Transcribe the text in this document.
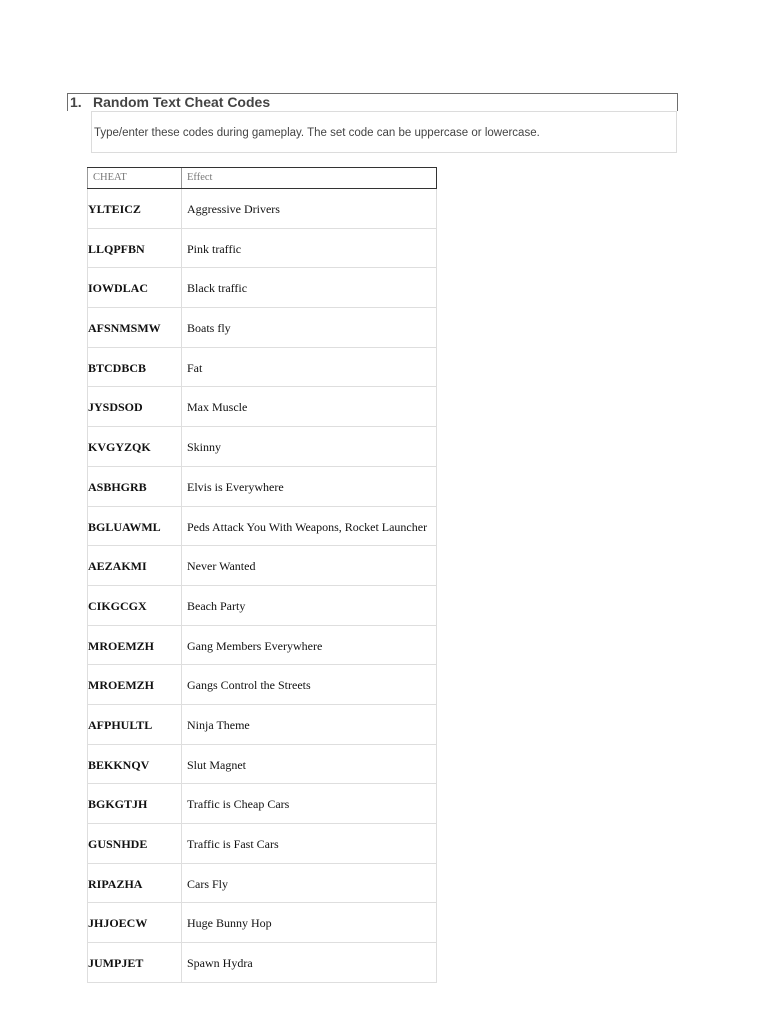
1. Random Text Cheat Codes
Type/enter these codes during gameplay. The set code can be uppercase or lowercase.
CHEAT	Effect
YLTEICZ	Aggressive Drivers
LLQPFBN	Pink traffic
IOWDLAC	Black traffic
AFSNMSMW Boats fly
BTCDBCB	Fat
JYSDSOD	Max Muscle
KVGYZQK	Skinny
ASBHGRB	Elvis is Everywhere
BGLUAWML Peds Attack You With Weapons, Rocket Launcher
AEZAKMI	Never Wanted
CIKGCGX	Beach Party
MROEMZH	Gang Members Everywhere
MROEMZH	Gangs Control the Streets
AFPHULTL	Ninja Theme
BEKKNQV	Slut Magnet
BGKGTJH	Traffic is Cheap Cars
GUSNHDE	Traffic is Fast Cars
RIPAZHA	Cars Fly
JHJOECW	Huge Bunny Hop
JUMPJET	Spawn Hydra
